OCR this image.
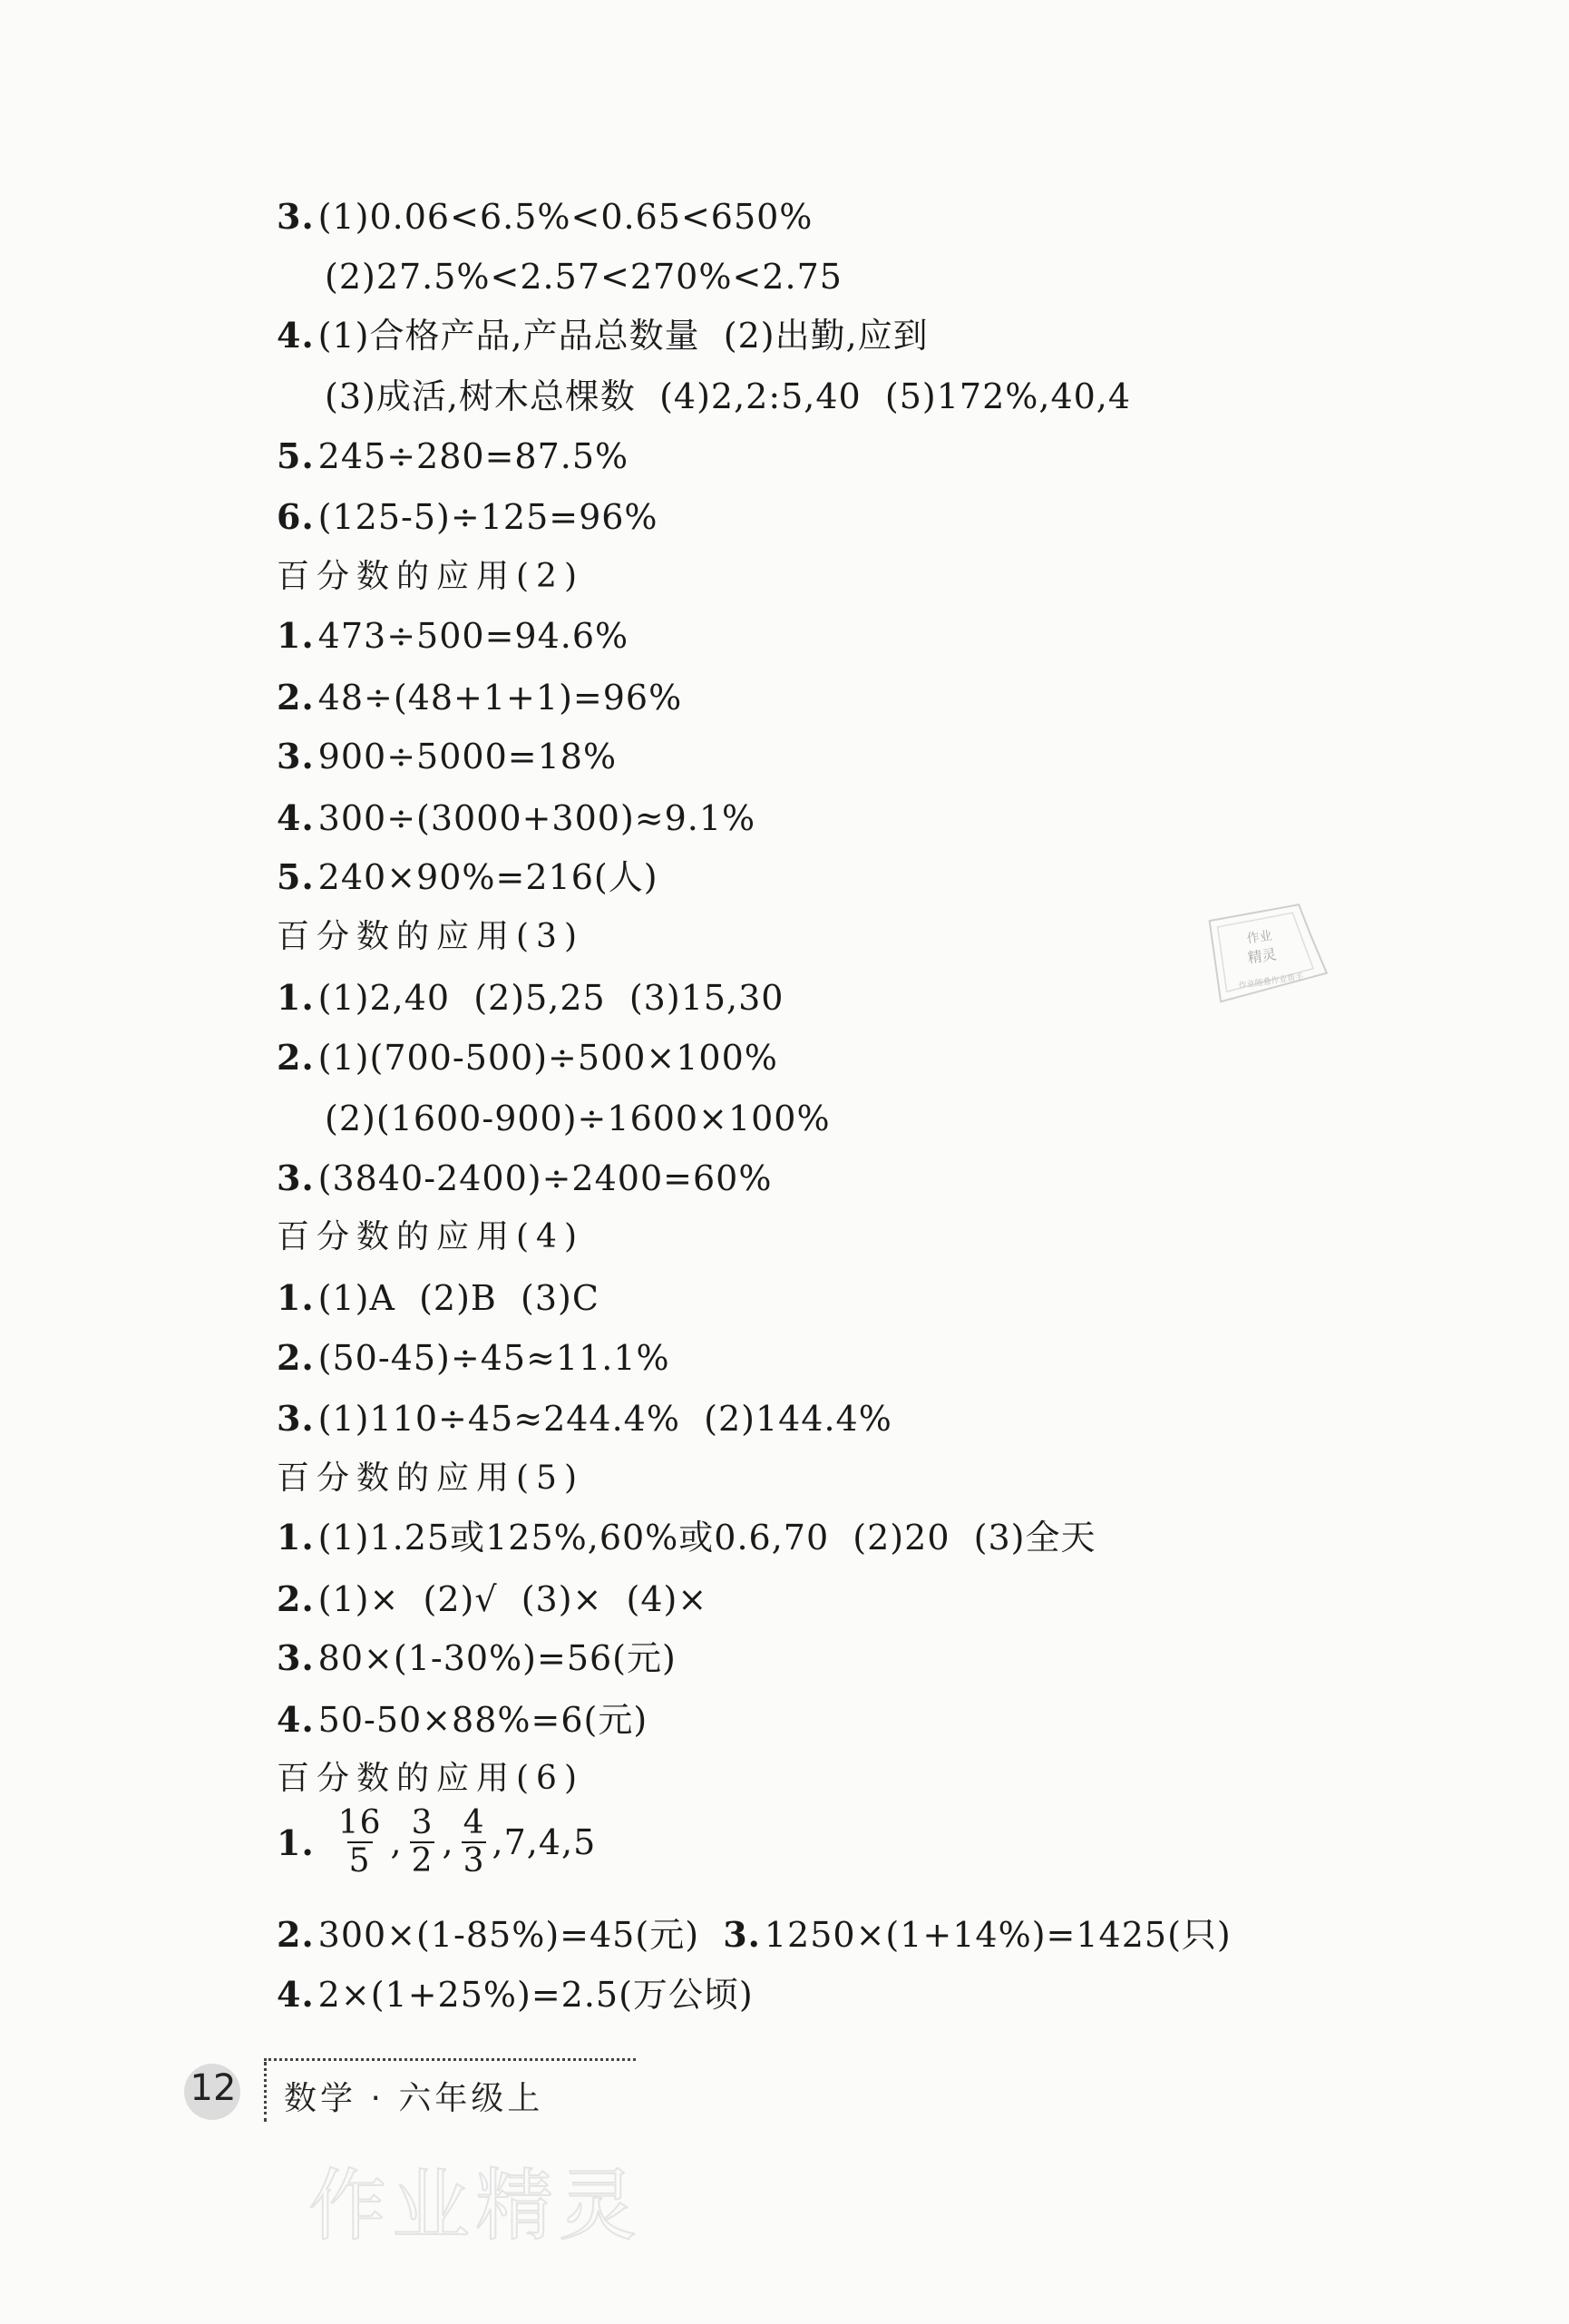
3. (1)0.06<6.5%<0.65<650%
(2)27.5%<2.57<270%<2.75
4. (1)合格产品,产品总数量  (2)出勤,应到
(3)成活,树木总棵数  (4)2,2:5,40  (5)172%,40,4
5. 245÷280=87.5%
6. (125-5)÷125=96%
百分数的应用(2)
1. 473÷500=94.6%
2. 48÷(48+1+1)=96%
3. 900÷5000=18%
4. 300÷(3000+300)≈9.1%
5. 240×90%=216(人)
百分数的应用(3)
1. (1)2,40  (2)5,25  (3)15,30
2. (1)(700-500)÷500×100%
(2)(1600-900)÷1600×100%
3. (3840-2400)÷2400=60%
百分数的应用(4)
1. (1)A  (2)B  (3)C
2. (50-45)÷45≈11.1%
3. (1)110÷45≈244.4%  (2)144.4%
百分数的应用(5)
1. (1)1.25或125%,60%或0.6,70  (2)20  (3)全天
2. (1)×  (2)√  (3)×  (4)×
3. 80×(1-30%)=56(元)
4. 50-50×88%=6(元)
百分数的应用(6)
1. $\frac{16}{5}$ , $\frac{3}{2}$ , $\frac{4}{3} ,7,4,5$
2. 300×(1-85%)=45(元) 3. 1250×(1+14%)=1425(只)
4. 2×(1+25%)=2.5(万公顷)
作业
精灵
作业随叠作业帮手
12	数学 · 六年级上
作业精灵
